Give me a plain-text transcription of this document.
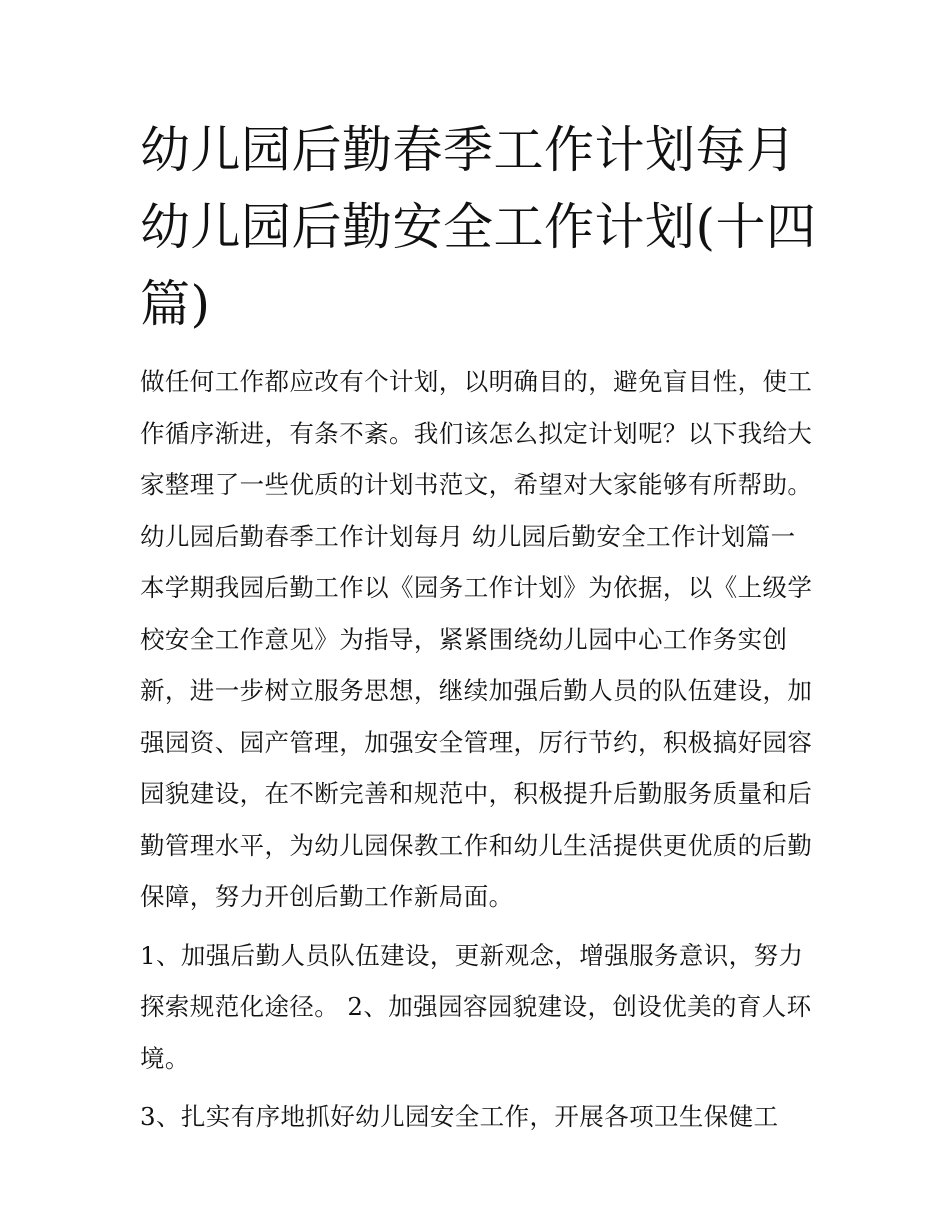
幼儿园后勤春季工作计划每月
幼儿园后勤安全工作计划(十四
篇)
做任何工作都应改有个计划，以明确目的，避免盲目性，使工
作循序渐进，有条不紊。我们该怎么拟定计划呢？以下我给大
家整理了一些优质的计划书范文，希望对大家能够有所帮助。
幼儿园后勤春季工作计划每月 幼儿园后勤安全工作计划篇一
本学期我园后勤工作以《园务工作计划》为依据，以《上级学
校安全工作意见》为指导，紧紧围绕幼儿园中心工作务实创
新，进一步树立服务思想，继续加强后勤人员的队伍建设，加
强园资、园产管理，加强安全管理，厉行节约，积极搞好园容
园貌建设，在不断完善和规范中，积极提升后勤服务质量和后
勤管理水平，为幼儿园保教工作和幼儿生活提供更优质的后勤
保障，努力开创后勤工作新局面。
1、加强后勤人员队伍建设，更新观念，增强服务意识，努力
探索规范化途径。 2、加强园容园貌建设，创设优美的育人环
境。
3、扎实有序地抓好幼儿园安全工作，开展各项卫生保健工
